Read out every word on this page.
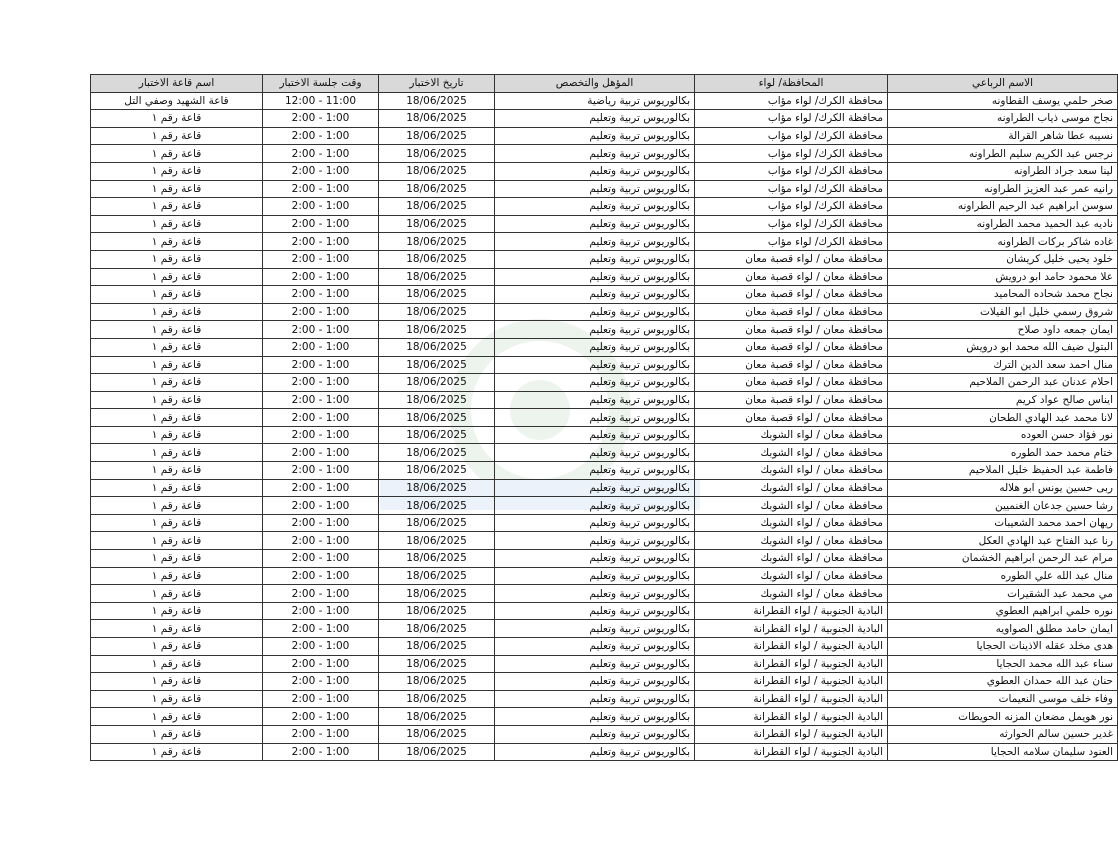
الاسم الرباعي	المحافظة/ لواء	المؤهل والتخصص	تاريخ الاختبار	وقت جلسة الاختبار	اسم قاعة الاختبار
صخر حلمي يوسف القطاونه	محافظة الكرك/ لواء مؤاب	بكالوريوس تربية رياضية	18/06/2025	11:00 - 12:00	قاعة الشهيد وصفي التل
نجاح موسى ذياب الطراونه	محافظة الكرك/ لواء مؤاب	بكالوريوس تربية وتعليم	18/06/2025	1:00 - 2:00	قاعة رقم ١
نسيبه عطا شاهر القرالة	محافظة الكرك/ لواء مؤاب	بكالوريوس تربية وتعليم	18/06/2025	1:00 - 2:00	قاعة رقم ١
نرجس عبد الكريم سليم الطراونه	محافظة الكرك/ لواء مؤاب	بكالوريوس تربية وتعليم	18/06/2025	1:00 - 2:00	قاعة رقم ١
لينا سعد جراد الطراونه	محافظة الكرك/ لواء مؤاب	بكالوريوس تربية وتعليم	18/06/2025	1:00 - 2:00	قاعة رقم ١
رانيه عمر عبد العزيز الطراونه	محافظة الكرك/ لواء مؤاب	بكالوريوس تربية وتعليم	18/06/2025	1:00 - 2:00	قاعة رقم ١
سوسن ابراهيم عبد الرحيم الطراونه	محافظة الكرك/ لواء مؤاب	بكالوريوس تربية وتعليم	18/06/2025	1:00 - 2:00	قاعة رقم ١
ناديه عبد الحميد محمد الطراونه	محافظة الكرك/ لواء مؤاب	بكالوريوس تربية وتعليم	18/06/2025	1:00 - 2:00	قاعة رقم ١
غاده شاكر بركات الطراونه	محافظة الكرك/ لواء مؤاب	بكالوريوس تربية وتعليم	18/06/2025	1:00 - 2:00	قاعة رقم ١
خلود يحيى خليل كريشان	محافظة معان / لواء قصبة معان	بكالوريوس تربية وتعليم	18/06/2025	1:00 - 2:00	قاعة رقم ١
علا محمود حامد ابو درويش	محافظة معان / لواء قصبة معان	بكالوريوس تربية وتعليم	18/06/2025	1:00 - 2:00	قاعة رقم ١
نجاح محمد شحاده المحاميد	محافظة معان / لواء قصبة معان	بكالوريوس تربية وتعليم	18/06/2025	1:00 - 2:00	قاعة رقم ١
شروق رسمي خليل ابو الفيلات	محافظة معان / لواء قصبة معان	بكالوريوس تربية وتعليم	18/06/2025	1:00 - 2:00	قاعة رقم ١
ايمان جمعه داود صلاح	محافظة معان / لواء قصبة معان	بكالوريوس تربية وتعليم	18/06/2025	1:00 - 2:00	قاعة رقم ١
البتول ضيف الله محمد ابو درويش	محافظة معان / لواء قصبة معان	بكالوريوس تربية وتعليم	18/06/2025	1:00 - 2:00	قاعة رقم ١
منال احمد سعد الدين الترك	محافظة معان / لواء قصبة معان	بكالوريوس تربية وتعليم	18/06/2025	1:00 - 2:00	قاعة رقم ١
احلام عدنان عبد الرحمن الملاحيم	محافظة معان / لواء قصبة معان	بكالوريوس تربية وتعليم	18/06/2025	1:00 - 2:00	قاعة رقم ١
ايناس صالح عواد كريم	محافظة معان / لواء قصبة معان	بكالوريوس تربية وتعليم	18/06/2025	1:00 - 2:00	قاعة رقم ١
لانا محمد عبد الهادي الطحان	محافظة معان / لواء قصبة معان	بكالوريوس تربية وتعليم	18/06/2025	1:00 - 2:00	قاعة رقم ١
نور فؤاد حسن العوده	محافظة معان / لواء الشوبك	بكالوريوس تربية وتعليم	18/06/2025	1:00 - 2:00	قاعة رقم ١
ختام محمد حمد الطوره	محافظة معان / لواء الشوبك	بكالوريوس تربية وتعليم	18/06/2025	1:00 - 2:00	قاعة رقم ١
فاطمة عبد الحفيظ خليل الملاحيم	محافظة معان / لواء الشوبك	بكالوريوس تربية وتعليم	18/06/2025	1:00 - 2:00	قاعة رقم ١
ربى حسين يونس ابو هلاله	محافظة معان / لواء الشوبك	بكالوريوس تربية وتعليم	18/06/2025	1:00 - 2:00	قاعة رقم ١
رشا حسين جدعان الغنميين	محافظة معان / لواء الشوبك	بكالوريوس تربية وتعليم	18/06/2025	1:00 - 2:00	قاعة رقم ١
ريهان احمد محمد الشعيبات	محافظة معان / لواء الشوبك	بكالوريوس تربية وتعليم	18/06/2025	1:00 - 2:00	قاعة رقم ١
رنا عبد الفتاح عبد الهادي العكل	محافظة معان / لواء الشوبك	بكالوريوس تربية وتعليم	18/06/2025	1:00 - 2:00	قاعة رقم ١
مرام عبد الرحمن ابراهيم الخشمان	محافظة معان / لواء الشوبك	بكالوريوس تربية وتعليم	18/06/2025	1:00 - 2:00	قاعة رقم ١
منال عبد الله علي الطوره	محافظة معان / لواء الشوبك	بكالوريوس تربية وتعليم	18/06/2025	1:00 - 2:00	قاعة رقم ١
مي محمد عبد الشقيرات	محافظة معان / لواء الشوبك	بكالوريوس تربية وتعليم	18/06/2025	1:00 - 2:00	قاعة رقم ١
نوره حلمي ابراهيم العطوي	البادية الجنوبية / لواء القطرانة	بكالوريوس تربية وتعليم	18/06/2025	1:00 - 2:00	قاعة رقم ١
ايمان حامد مطلق الصواويه	البادية الجنوبية / لواء القطرانة	بكالوريوس تربية وتعليم	18/06/2025	1:00 - 2:00	قاعة رقم ١
هدى مخلد عقله الاذينات الحجايا	البادية الجنوبية / لواء القطرانة	بكالوريوس تربية وتعليم	18/06/2025	1:00 - 2:00	قاعة رقم ١
سناء عبد الله محمد الحجايا	البادية الجنوبية / لواء القطرانة	بكالوريوس تربية وتعليم	18/06/2025	1:00 - 2:00	قاعة رقم ١
حنان عبد الله حمدان العطوي	البادية الجنوبية / لواء القطرانة	بكالوريوس تربية وتعليم	18/06/2025	1:00 - 2:00	قاعة رقم ١
وفاء خلف موسى النعيمات	البادية الجنوبية / لواء القطرانة	بكالوريوس تربية وتعليم	18/06/2025	1:00 - 2:00	قاعة رقم ١
نور هويمل مضعان المزنه الحويطات	البادية الجنوبية / لواء القطرانة	بكالوريوس تربية وتعليم	18/06/2025	1:00 - 2:00	قاعة رقم ١
غدير حسين سالم الحوارثه	البادية الجنوبية / لواء القطرانة	بكالوريوس تربية وتعليم	18/06/2025	1:00 - 2:00	قاعة رقم ١
العنود سليمان سلامه الحجايا	البادية الجنوبية / لواء القطرانة	بكالوريوس تربية وتعليم	18/06/2025	1:00 - 2:00	قاعة رقم ١
